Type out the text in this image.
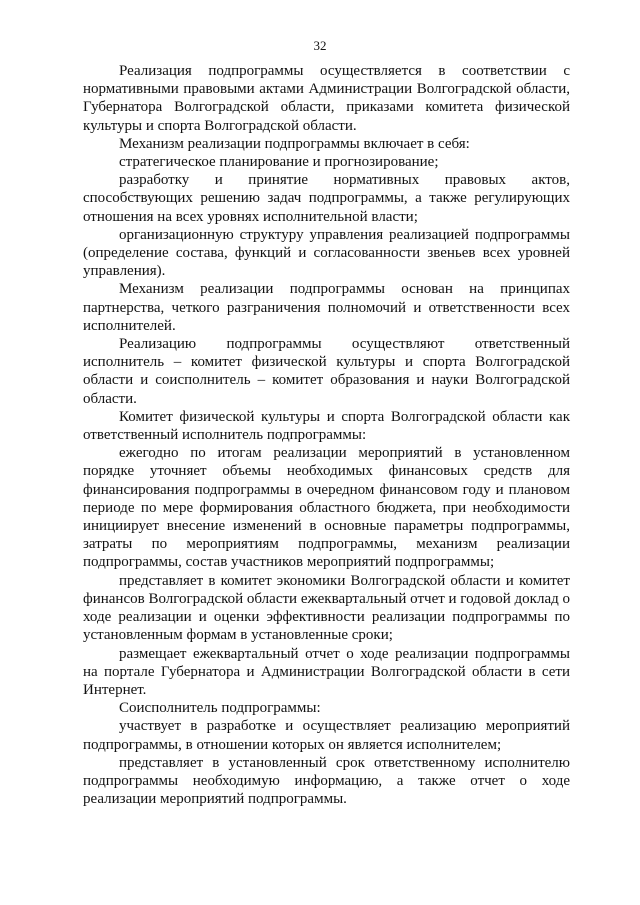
32

Реализация подпрограммы осуществляется в соответствии с нормативными правовыми актами Администрации Волгоградской области, Губернатора Волгоградской области, приказами комитета физической культуры и спорта Волгоградской области.

Механизм реализации подпрограммы включает в себя:

стратегическое планирование и прогнозирование;

разработку и принятие нормативных правовых актов, способствующих решению задач подпрограммы, а также регулирующих отношения на всех уровнях исполнительной власти;

организационную структуру управления реализацией подпрограммы (определение состава, функций и согласованности звеньев всех уровней управления).

Механизм реализации подпрограммы основан на принципах партнерства, четкого разграничения полномочий и ответственности всех исполнителей.

Реализацию подпрограммы осуществляют ответственный исполнитель – комитет физической культуры и спорта Волгоградской области и соисполнитель – комитет образования и науки Волгоградской области.

Комитет физической культуры и спорта Волгоградской области как ответственный исполнитель подпрограммы:

ежегодно по итогам реализации мероприятий в установленном порядке уточняет объемы необходимых финансовых средств для финансирования подпрограммы в очередном финансовом году и плановом периоде по мере формирования областного бюджета, при необходимости инициирует внесение изменений в основные параметры подпрограммы, затраты по мероприятиям подпрограммы, механизм реализации подпрограммы, состав участников мероприятий подпрограммы;

представляет в комитет экономики Волгоградской области и комитет финансов Волгоградской области ежеквартальный отчет и годовой доклад о ходе реализации и оценки эффективности реализации подпрограммы по установленным формам в установленные сроки;

размещает ежеквартальный отчет о ходе реализации подпрограммы на портале Губернатора и Администрации Волгоградской области в сети Интернет.

Соисполнитель подпрограммы:

участвует в разработке и осуществляет реализацию мероприятий подпрограммы, в отношении которых он является исполнителем;

представляет в установленный срок ответственному исполнителю подпрограммы необходимую информацию, а также отчет о ходе реализации мероприятий подпрограммы.
